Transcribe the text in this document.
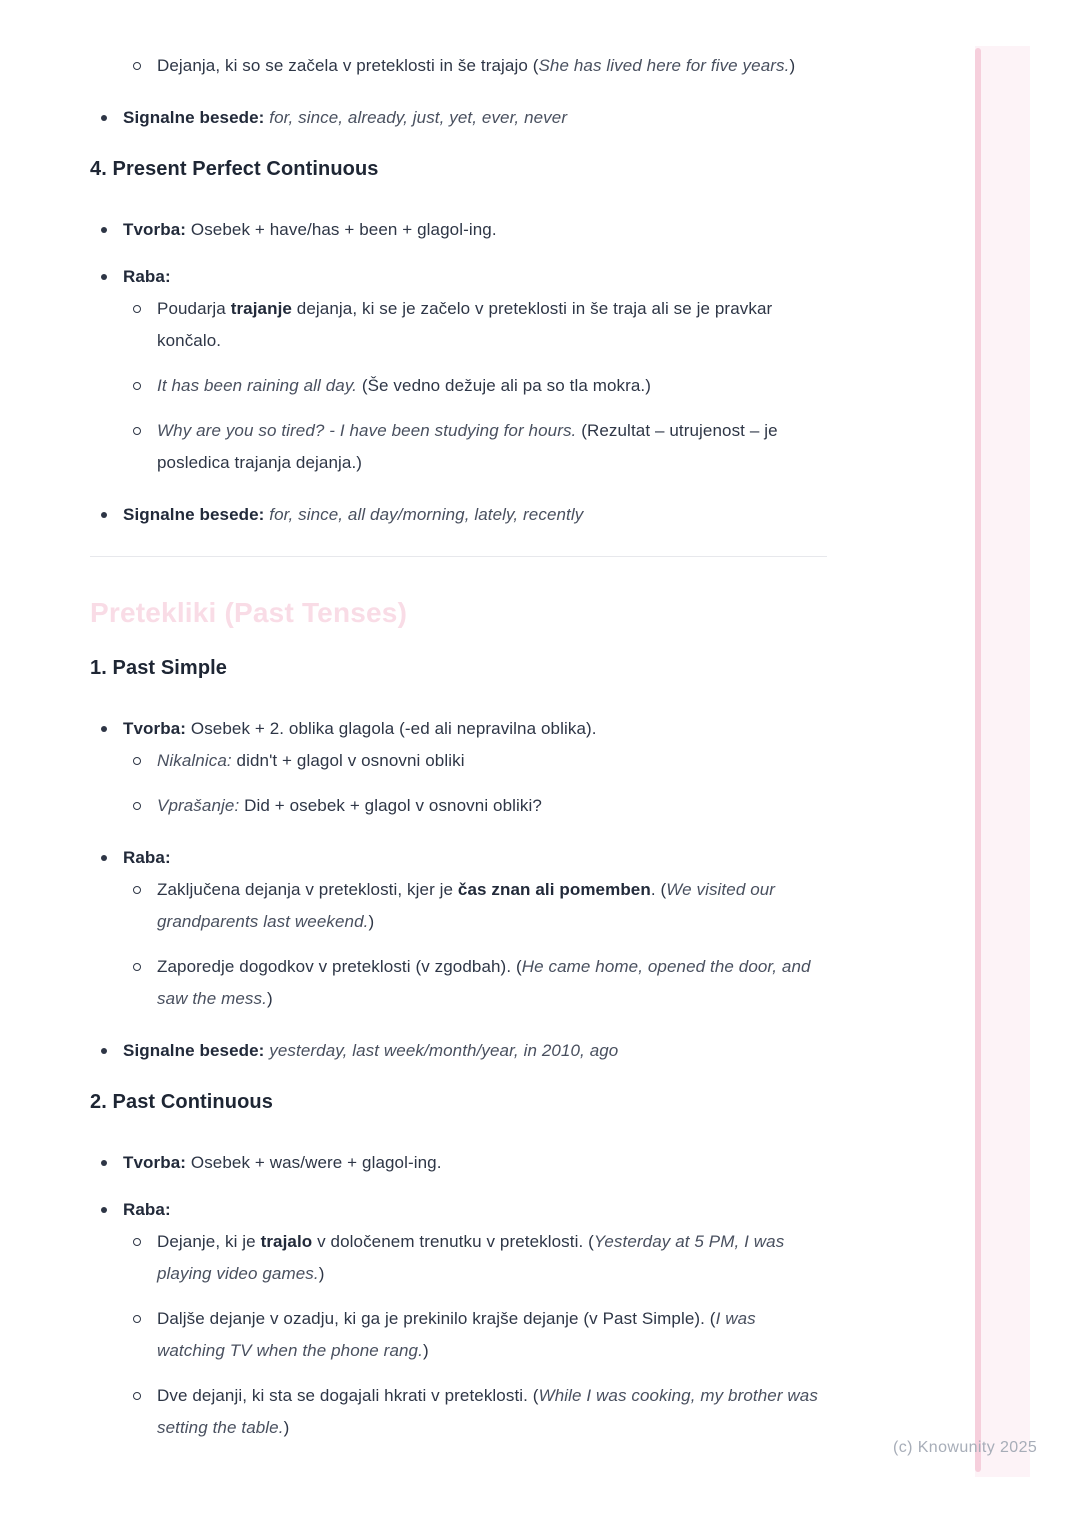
Dejanja, ki so se začela v preteklosti in še trajajo (She has lived here for five years.)
Signalne besede: for, since, already, just, yet, ever, never
4. Present Perfect Continuous
Tvorba: Osebek + have/has + been + glagol-ing.
Raba:
Poudarja trajanje dejanja, ki se je začelo v preteklosti in še traja ali se je pravkar končalo.
It has been raining all day. (Še vedno dežuje ali pa so tla mokra.)
Why are you so tired? - I have been studying for hours. (Rezultat – utrujenost – je posledica trajanja dejanja.)
Signalne besede: for, since, all day/morning, lately, recently
Pretekliki (Past Tenses)
1. Past Simple
Tvorba: Osebek + 2. oblika glagola (-ed ali nepravilna oblika).
Nikalnica: didn't + glagol v osnovni obliki
Vprašanje: Did + osebek + glagol v osnovni obliki?
Raba:
Zaključena dejanja v preteklosti, kjer je čas znan ali pomemben. (We visited our grandparents last weekend.)
Zaporedje dogodkov v preteklosti (v zgodbah). (He came home, opened the door, and saw the mess.)
Signalne besede: yesterday, last week/month/year, in 2010, ago
2. Past Continuous
Tvorba: Osebek + was/were + glagol-ing.
Raba:
Dejanje, ki je trajalo v določenem trenutku v preteklosti. (Yesterday at 5 PM, I was playing video games.)
Daljše dejanje v ozadju, ki ga je prekinilo krajše dejanje (v Past Simple). (I was watching TV when the phone rang.)
Dve dejanji, ki sta se dogajali hkrati v preteklosti. (While I was cooking, my brother was setting the table.)
(c) Knowunity 2025
